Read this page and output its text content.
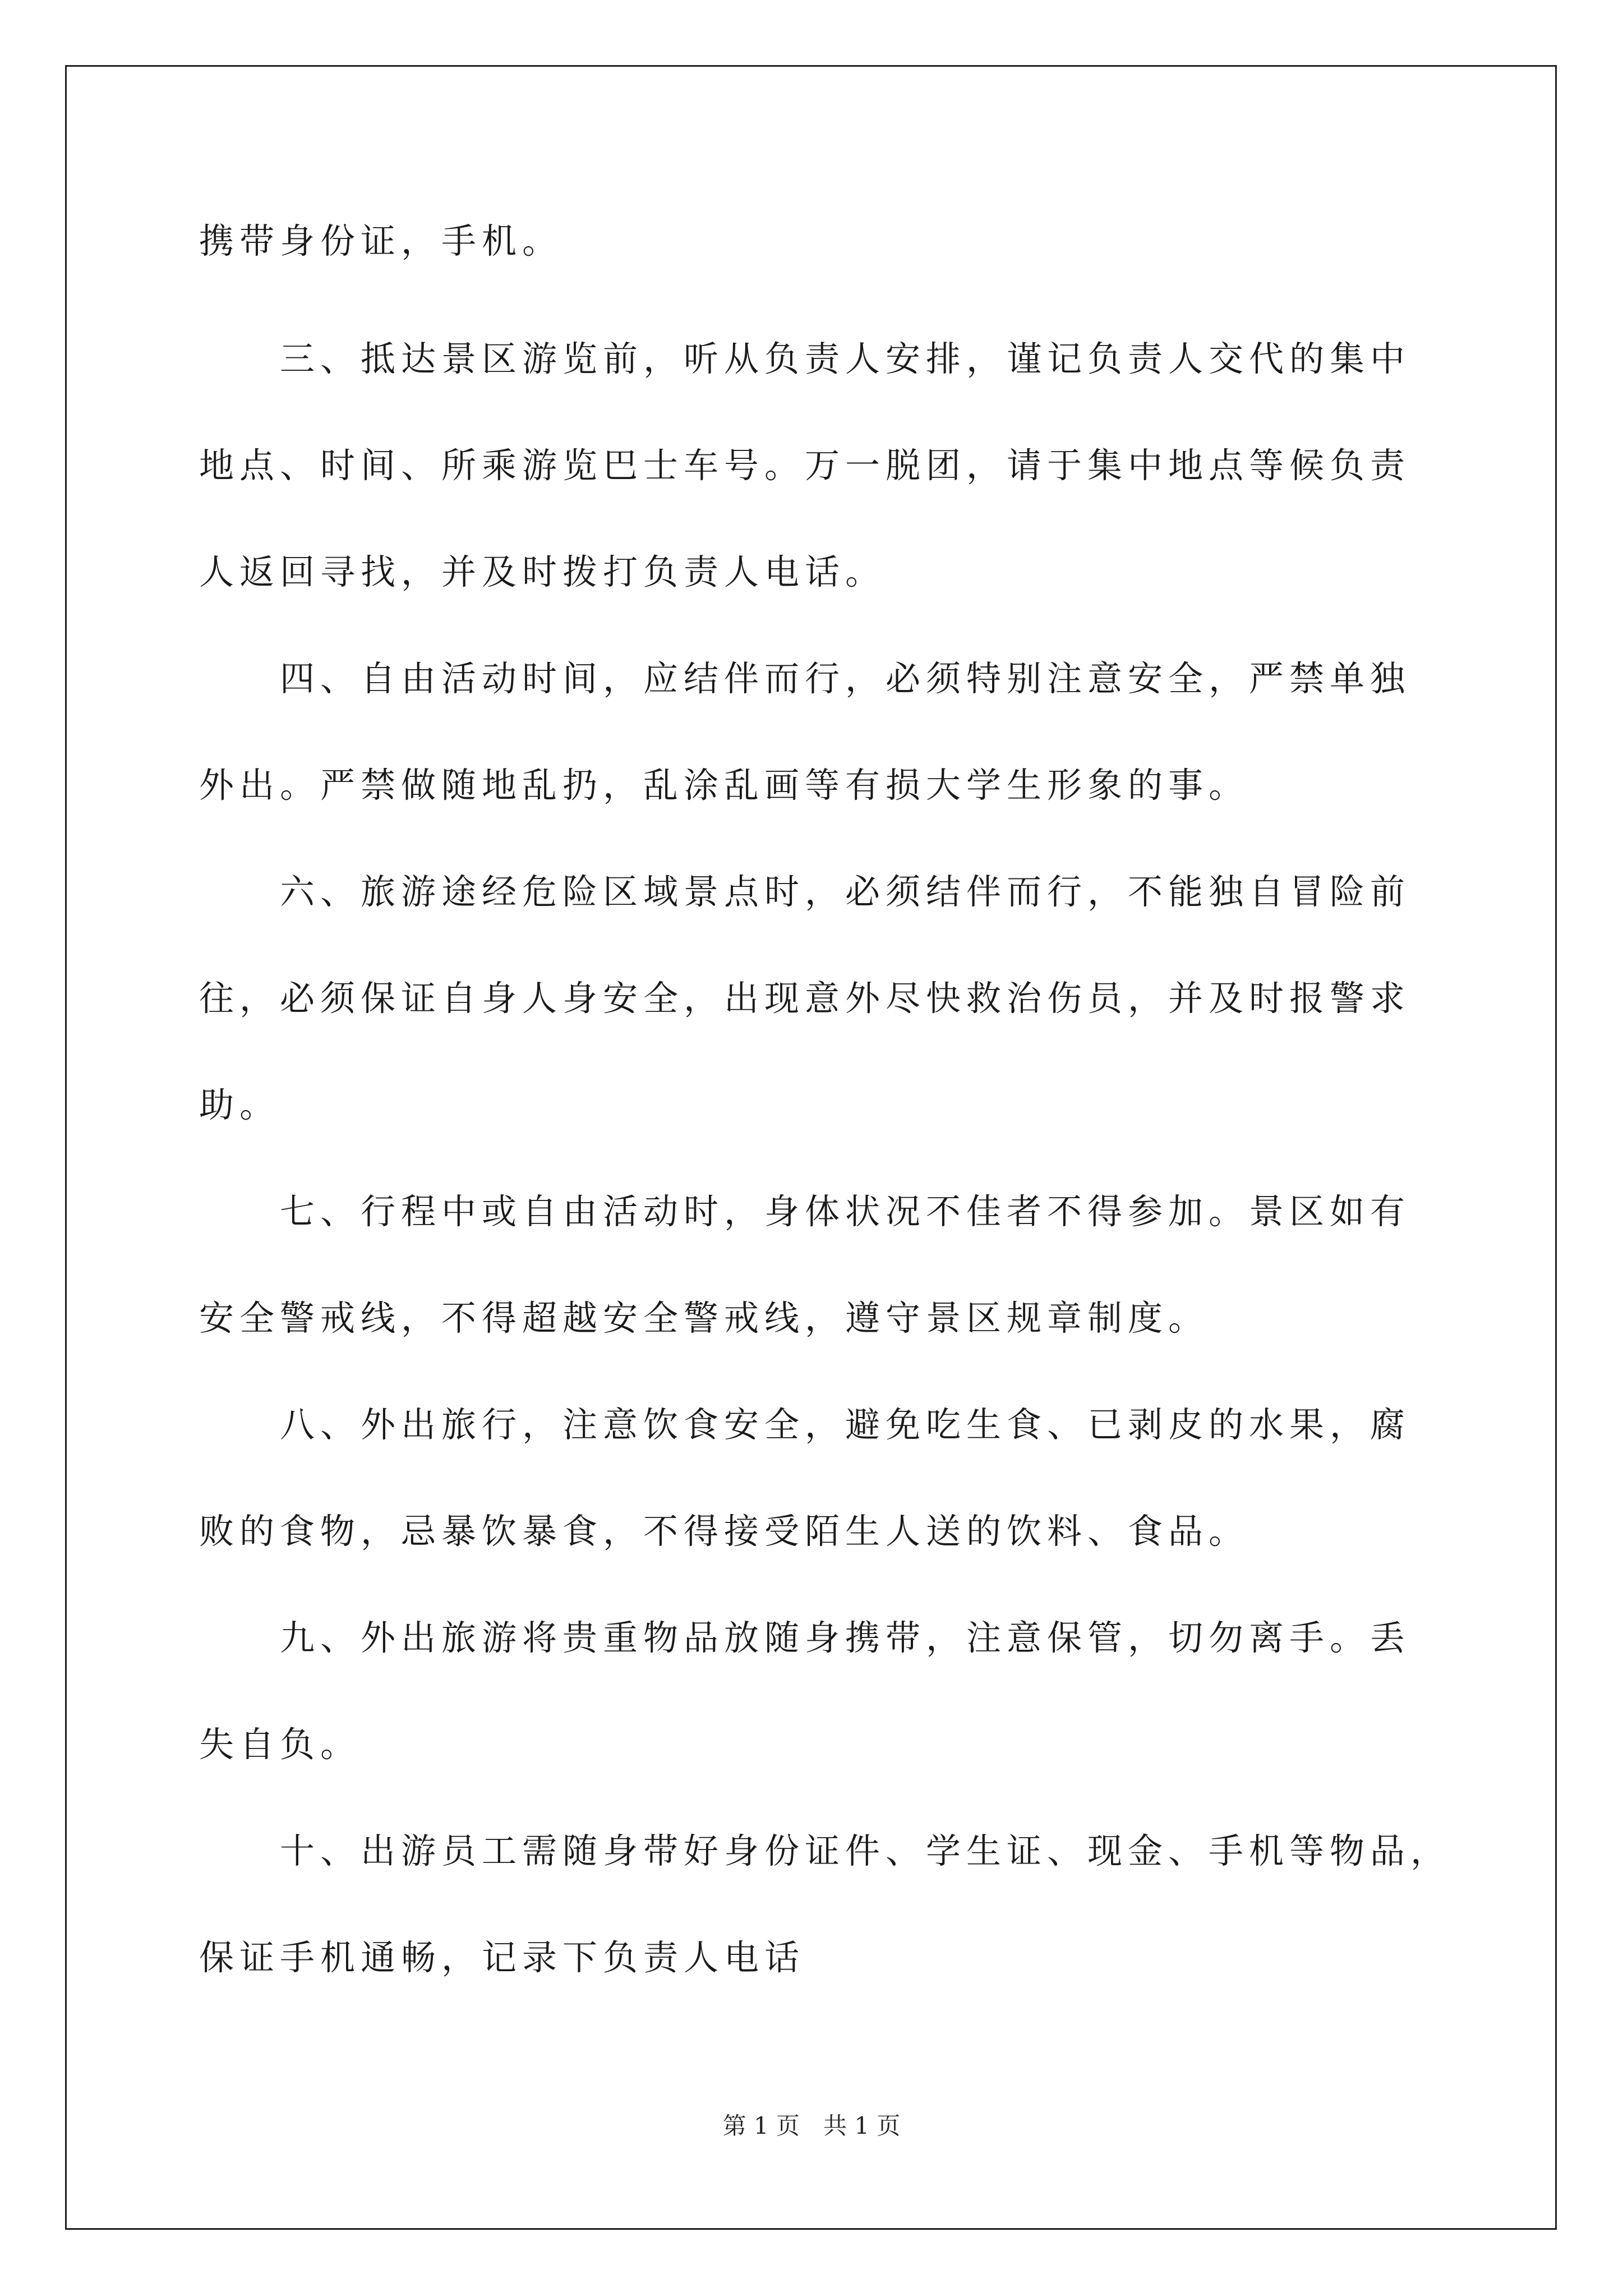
携带身份证，手机。
　　三、抵达景区游览前，听从负责人安排，谨记负责人交代的集中
地点、时间、所乘游览巴士车号。万一脱团，请于集中地点等候负责
人返回寻找，并及时拨打负责人电话。
　　四、自由活动时间，应结伴而行，必须特别注意安全，严禁单独
外出。严禁做随地乱扔，乱涂乱画等有损大学生形象的事。
　　六、旅游途经危险区域景点时，必须结伴而行，不能独自冒险前
往，必须保证自身人身安全，出现意外尽快救治伤员，并及时报警求
助。
　　七、行程中或自由活动时，身体状况不佳者不得参加。景区如有
安全警戒线，不得超越安全警戒线，遵守景区规章制度。
　　八、外出旅行，注意饮食安全，避免吃生食、已剥皮的水果，腐
败的食物，忌暴饮暴食，不得接受陌生人送的饮料、食品。
　　九、外出旅游将贵重物品放随身携带，注意保管，切勿离手。丢
失自负。
　　十、出游员工需随身带好身份证件、学生证、现金、手机等物品，
保证手机通畅，记录下负责人电话
第 1 页　共 1 页
